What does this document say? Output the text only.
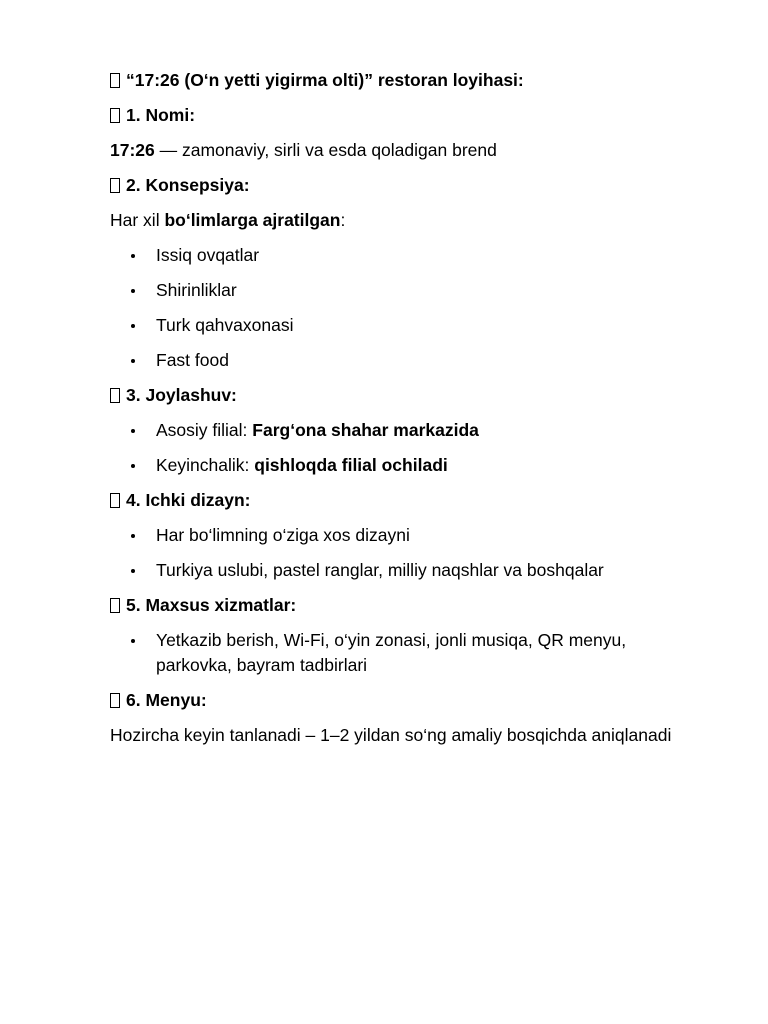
“17:26 (O‘n yetti yigirma olti)” restoran loyihasi:
1. Nomi:
17:26 — zamonaviy, sirli va esda qoladigan brend
2. Konsepsiya:
Har xil bo‘limlarga ajratilgan:
Issiq ovqatlar
Shirinliklar
Turk qahvaxonasi
Fast food
3. Joylashuv:
Asosiy filial: Farg‘ona shahar markazida
Keyinchalik: qishloqda filial ochiladi
4. Ichki dizayn:
Har bo‘limning o‘ziga xos dizayni
Turkiya uslubi, pastel ranglar, milliy naqshlar va boshqalar
5. Maxsus xizmatlar:
Yetkazib berish, Wi-Fi, o‘yin zonasi, jonli musiqa, QR menyu, parkovka, bayram tadbirlari
6. Menyu:
Hozircha keyin tanlanadi – 1–2 yildan so‘ng amaliy bosqichda aniqlanadi
